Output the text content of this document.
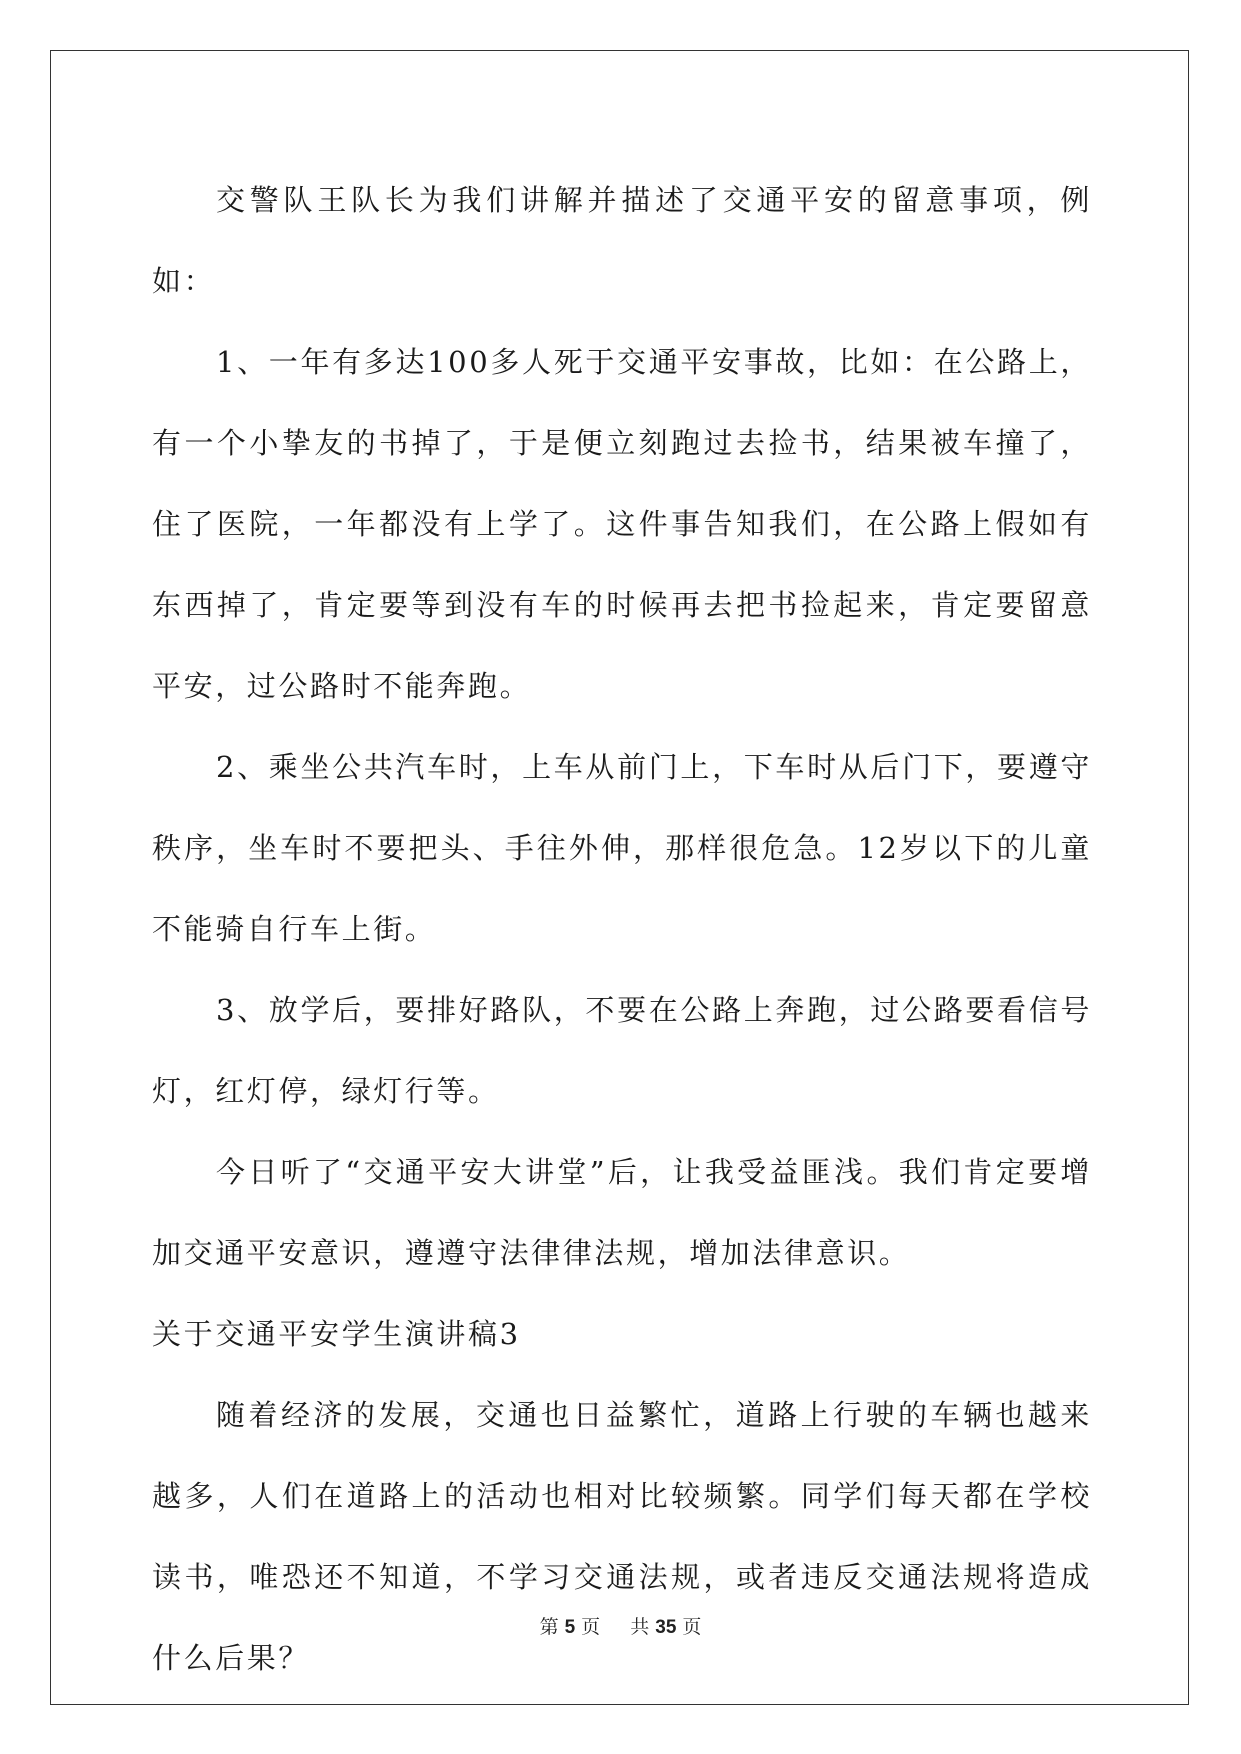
交警队王队长为我们讲解并描述了交通平安的留意事项，例如：

1、一年有多达100多人死于交通平安事故，比如：在公路上，有一个小挚友的书掉了，于是便立刻跑过去捡书，结果被车撞了，住了医院，一年都没有上学了。这件事告知我们，在公路上假如有东西掉了，肯定要等到没有车的时候再去把书捡起来，肯定要留意平安，过公路时不能奔跑。

2、乘坐公共汽车时，上车从前门上，下车时从后门下，要遵守秩序，坐车时不要把头、手往外伸，那样很危急。12岁以下的儿童不能骑自行车上街。

3、放学后，要排好路队，不要在公路上奔跑，过公路要看信号灯，红灯停，绿灯行等。

今日听了“交通平安大讲堂”后，让我受益匪浅。我们肯定要增加交通平安意识，遵遵守法律律法规，增加法律意识。

关于交通平安学生演讲稿3

随着经济的发展，交通也日益繁忙，道路上行驶的车辆也越来越多，人们在道路上的活动也相对比较频繁。同学们每天都在学校读书，唯恐还不知道，不学习交通法规，或者违反交通法规将造成什么后果？

第 5 页 共 35 页
